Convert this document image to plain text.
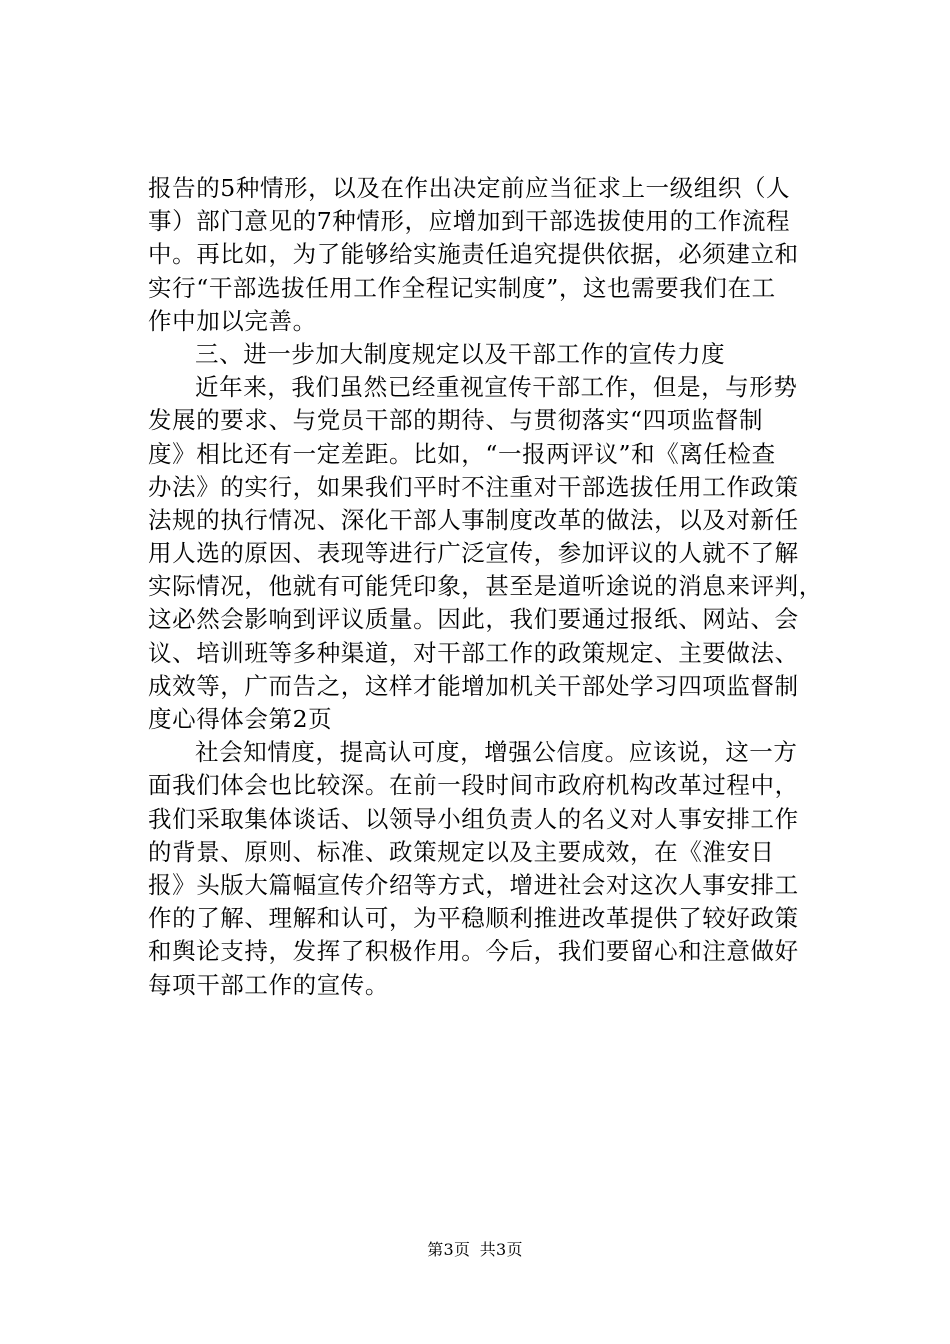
报告的5种情形，以及在作出决定前应当征求上一级组织（人
事）部门意见的7种情形，应增加到干部选拔使用的工作流程
中。再比如，为了能够给实施责任追究提供依据，必须建立和
实行“干部选拔任用工作全程记实制度”，这也需要我们在工
作中加以完善。
三、进一步加大制度规定以及干部工作的宣传力度
近年来，我们虽然已经重视宣传干部工作，但是，与形势
发展的要求、与党员干部的期待、与贯彻落实“四项监督制
度》相比还有一定差距。比如，“一报两评议”和《离任检查
办法》的实行，如果我们平时不注重对干部选拔任用工作政策
法规的执行情况、深化干部人事制度改革的做法，以及对新任
用人选的原因、表现等进行广泛宣传，参加评议的人就不了解
实际情况，他就有可能凭印象，甚至是道听途说的消息来评判，
这必然会影响到评议质量。因此，我们要通过报纸、网站、会
议、培训班等多种渠道，对干部工作的政策规定、主要做法、
成效等，广而告之，这样才能增加机关干部处学习四项监督制
度心得体会第2页
社会知情度，提高认可度，增强公信度。应该说，这一方
面我们体会也比较深。在前一段时间市政府机构改革过程中，
我们采取集体谈话、以领导小组负责人的名义对人事安排工作
的背景、原则、标准、政策规定以及主要成效，在《淮安日
报》头版大篇幅宣传介绍等方式，增进社会对这次人事安排工
作的了解、理解和认可，为平稳顺利推进改革提供了较好政策
和舆论支持，发挥了积极作用。今后，我们要留心和注意做好
每项干部工作的宣传。
第3页 共3页
